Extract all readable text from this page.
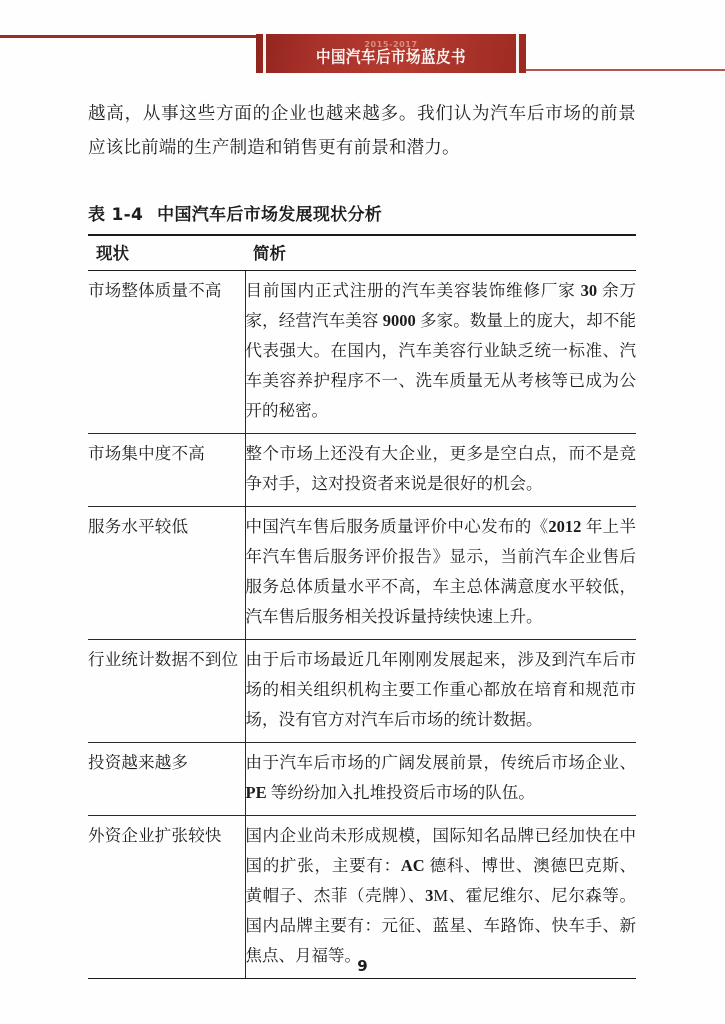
2015-2017
中国汽车后市场蓝皮书

越高，从事这些方面的企业也越来越多。我们认为汽车后市场的前景应该比前端的生产制造和销售更有前景和潜力。

表 1-4 中国汽车后市场发展现状分析
现状	简析
市场整体质量不高	目前国内正式注册的汽车美容装饰维修厂家 30 余万家，经营汽车美容 9000 多家。数量上的庞大，却不能代表强大。在国内，汽车美容行业缺乏统一标准、汽车美容养护程序不一、洗车质量无从考核等已成为公开的秘密。
市场集中度不高	整个市场上还没有大企业，更多是空白点，而不是竞争对手，这对投资者来说是很好的机会。
服务水平较低	中国汽车售后服务质量评价中心发布的《2012 年上半年汽车售后服务评价报告》显示，当前汽车企业售后服务总体质量水平不高，车主总体满意度水平较低，汽车售后服务相关投诉量持续快速上升。
行业统计数据不到位	由于后市场最近几年刚刚发展起来，涉及到汽车后市场的相关组织机构主要工作重心都放在培育和规范市场，没有官方对汽车后市场的统计数据。
投资越来越多	由于汽车后市场的广阔发展前景，传统后市场企业、PE 等纷纷加入扎堆投资后市场的队伍。
外资企业扩张较快	国内企业尚未形成规模，国际知名品牌已经加快在中国的扩张，主要有：AC 德科、博世、澳德巴克斯、黄帽子、杰菲（壳牌）、3M、霍尼维尔、尼尔森等。国内品牌主要有：元征、蓝星、车路饰、快车手、新焦点、月福等。
9
